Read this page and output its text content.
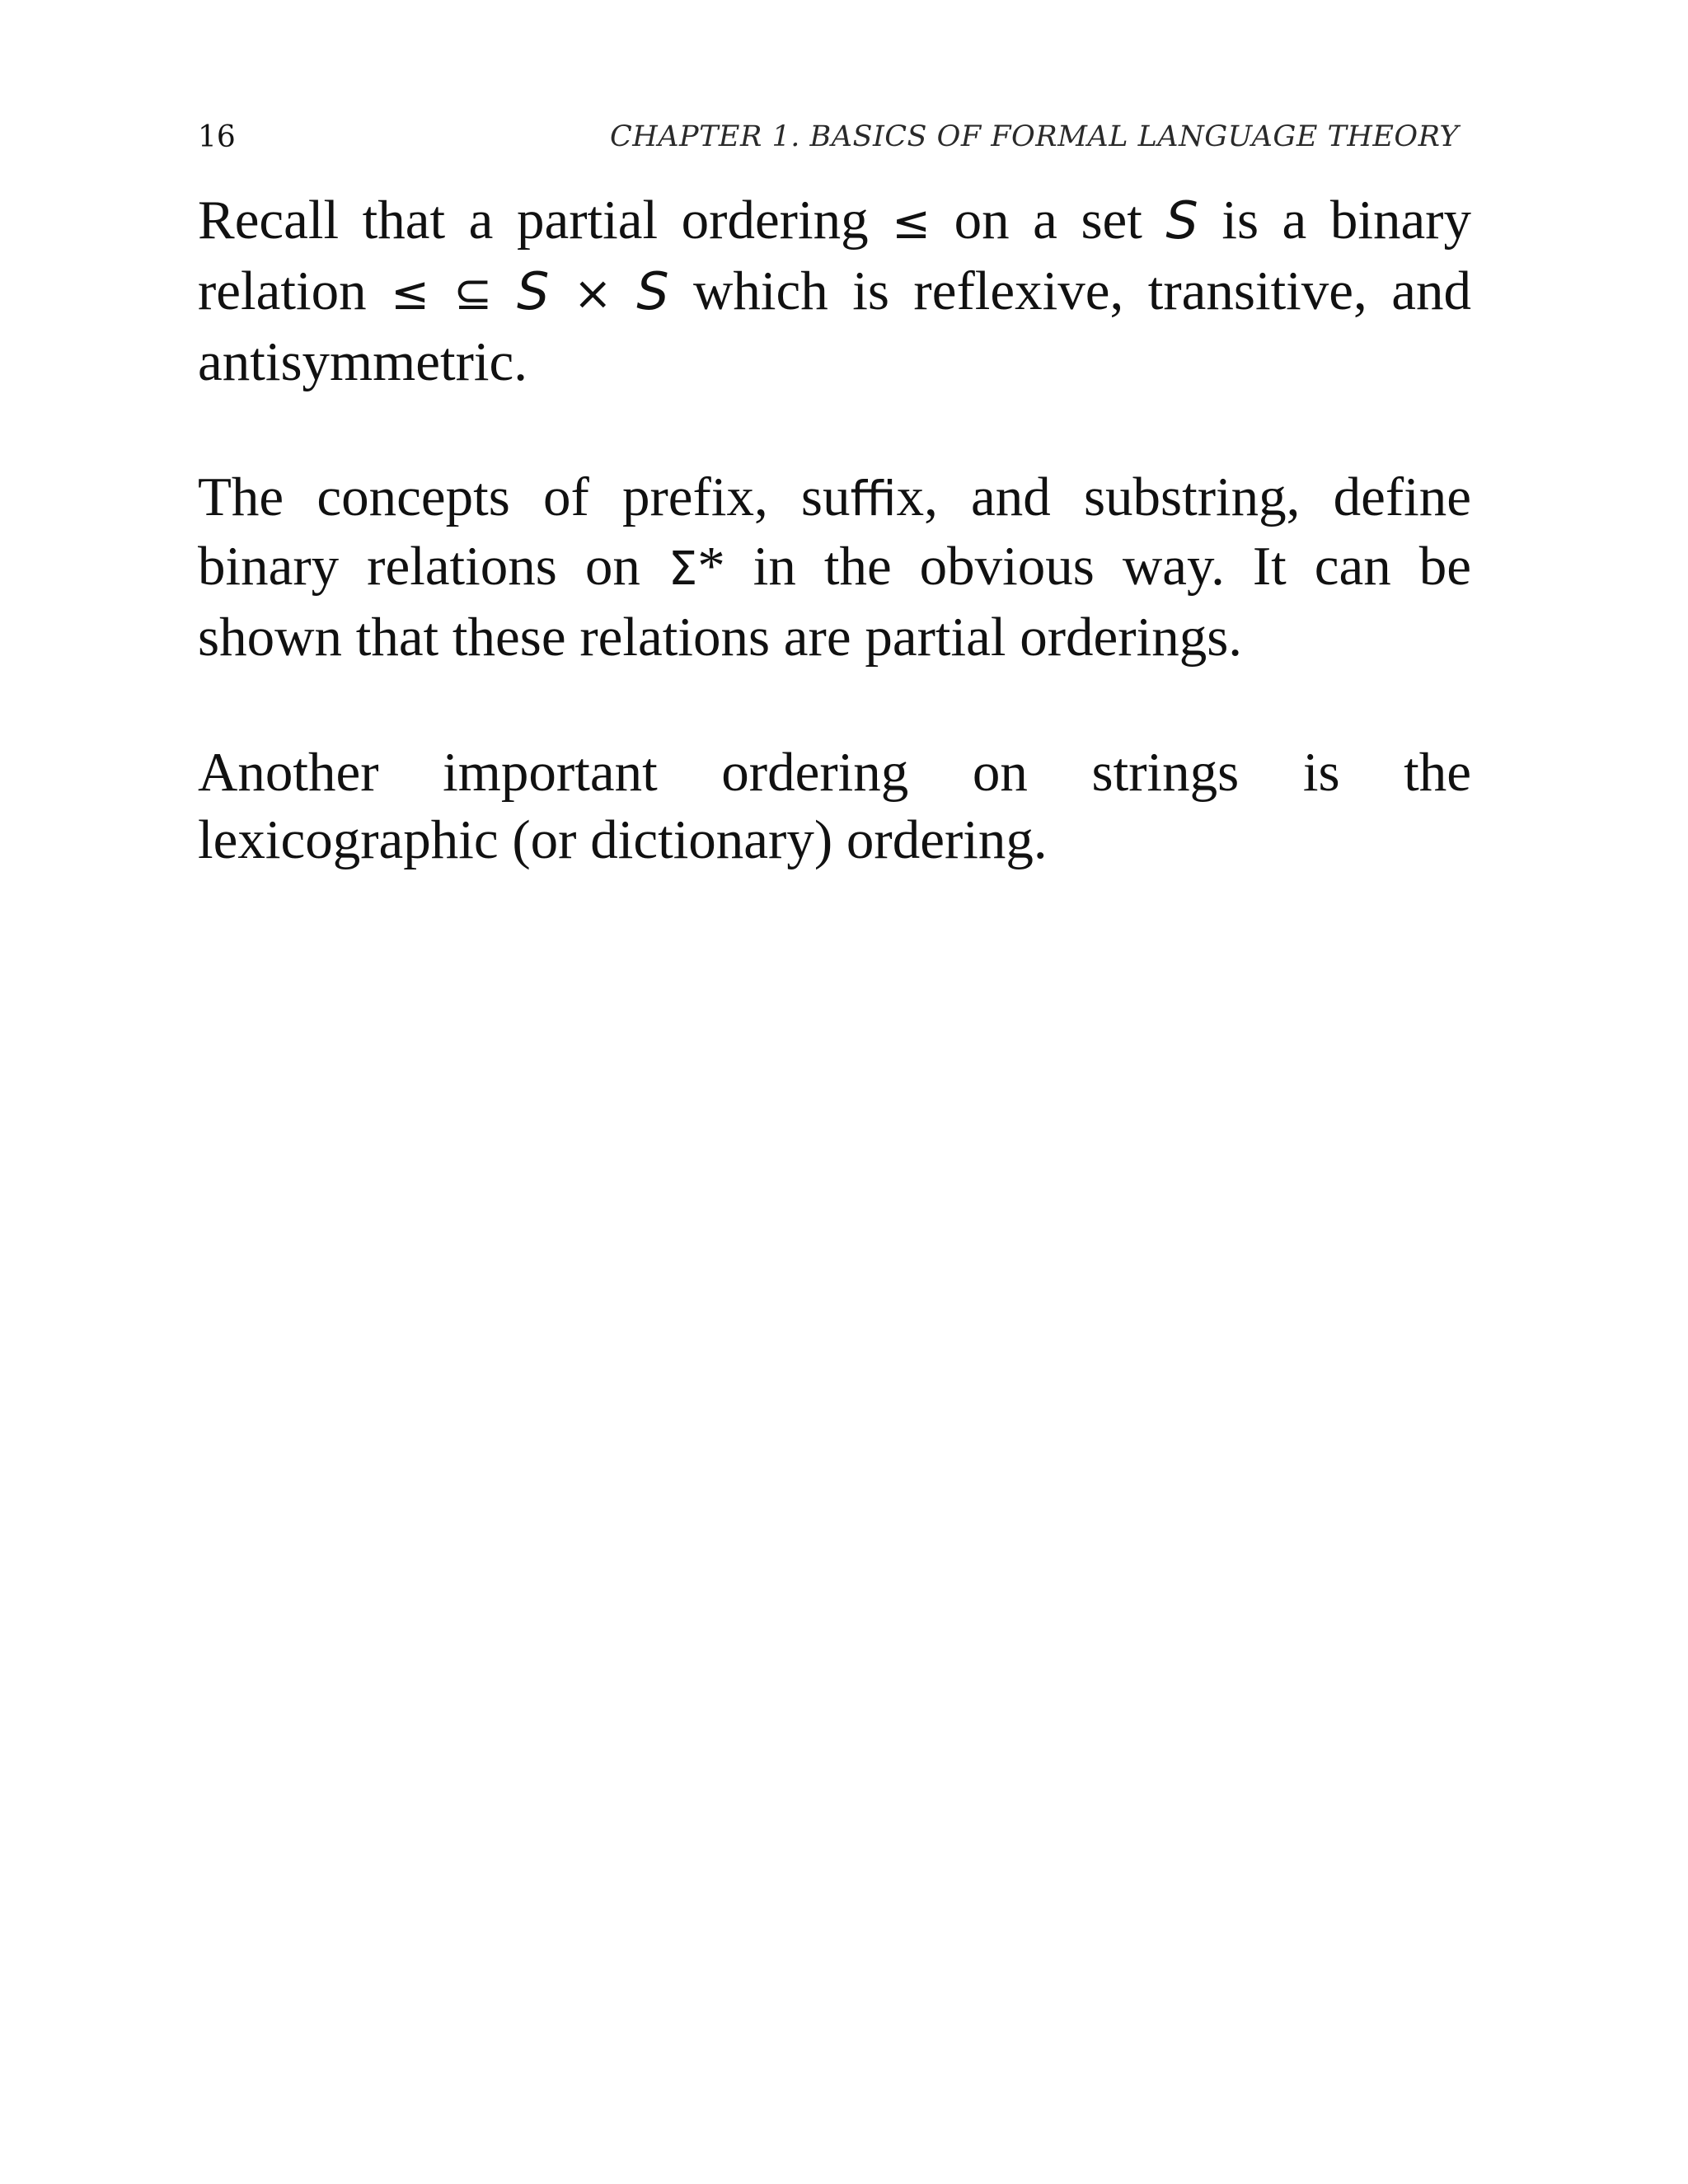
16	CHAPTER 1. BASICS OF FORMAL LANGUAGE THEORY

Recall that a partial ordering ≤ on a set S is a binary relation ≤ ⊆ S × S which is reflexive, transitive, and antisymmetric.

The concepts of prefix, suffix, and substring, define binary relations on Σ* in the obvious way. It can be shown that these relations are partial orderings.

Another important ordering on strings is the lexicographic (or dictionary) ordering.
